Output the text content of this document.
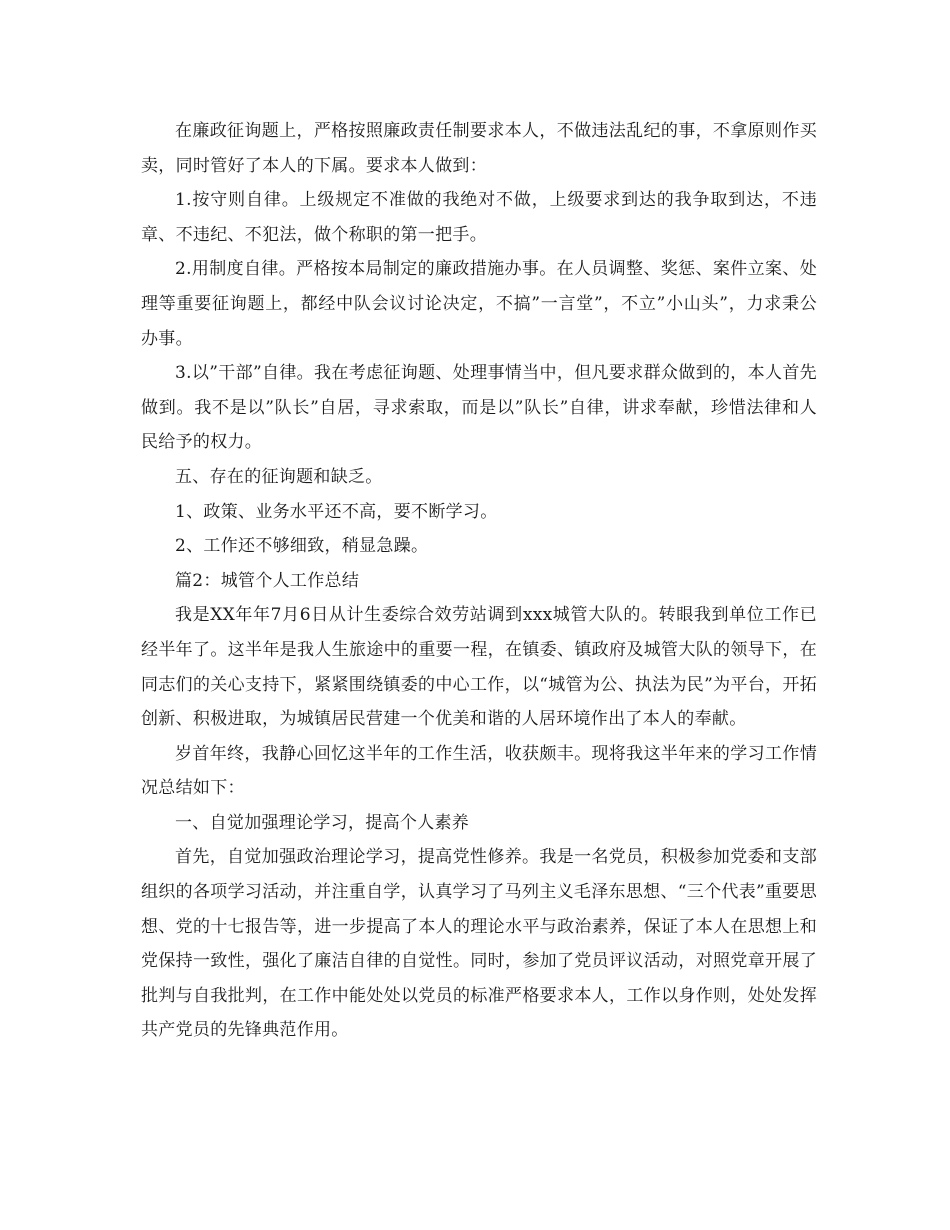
在廉政征询题上，严格按照廉政责任制要求本人，不做违法乱纪的事，不拿原则作买卖，同时管好了本人的下属。要求本人做到：

1.按守则自律。上级规定不准做的我绝对不做，上级要求到达的我争取到达，不违章、不违纪、不犯法，做个称职的第一把手。

2.用制度自律。严格按本局制定的廉政措施办事。在人员调整、奖惩、案件立案、处理等重要征询题上，都经中队会议讨论决定，不搞”一言堂”，不立”小山头”，力求秉公办事。

3.以”干部”自律。我在考虑征询题、处理事情当中，但凡要求群众做到的，本人首先做到。我不是以”队长”自居，寻求索取，而是以”队长”自律，讲求奉献，珍惜法律和人民给予的权力。

五、存在的征询题和缺乏。

1、政策、业务水平还不高，要不断学习。

2、工作还不够细致，稍显急躁。

篇2：城管个人工作总结

我是XX年年7月6日从计生委综合效劳站调到xxx城管大队的。转眼我到单位工作已经半年了。这半年是我人生旅途中的重要一程，在镇委、镇政府及城管大队的领导下，在同志们的关心支持下，紧紧围绕镇委的中心工作，以“城管为公、执法为民”为平台，开拓创新、积极进取，为城镇居民营建一个优美和谐的人居环境作出了本人的奉献。

岁首年终，我静心回忆这半年的工作生活，收获颇丰。现将我这半年来的学习工作情况总结如下：

一、自觉加强理论学习，提高个人素养

首先，自觉加强政治理论学习，提高党性修养。我是一名党员，积极参加党委和支部组织的各项学习活动，并注重自学，认真学习了马列主义毛泽东思想、“三个代表”重要思想、党的十七报告等，进一步提高了本人的理论水平与政治素养，保证了本人在思想上和党保持一致性，强化了廉洁自律的自觉性。同时，参加了党员评议活动，对照党章开展了批判与自我批判，在工作中能处处以党员的标准严格要求本人，工作以身作则，处处发挥共产党员的先锋典范作用。
